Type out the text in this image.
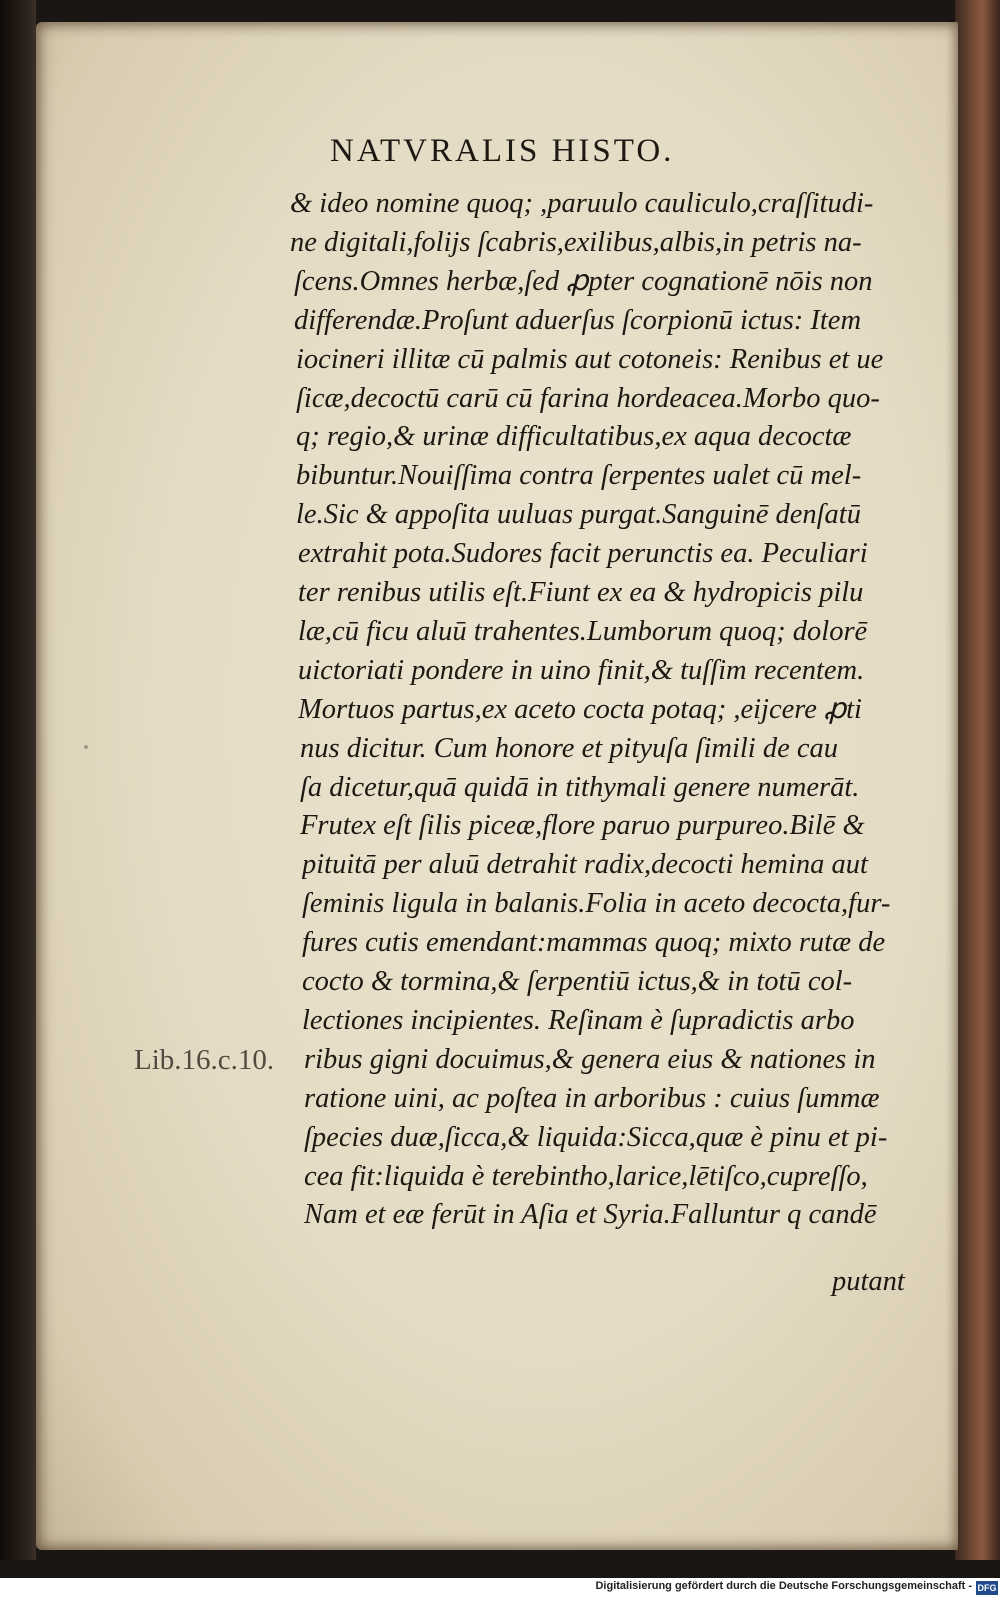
NATVRALIS HISTO.
& ideo nomine quoq; ,paruulo cauliculo,craſſitudi-
ne digitali,folijs ſcabris,exilibus,albis,in petris na-
ſcens.Omnes herbæ,ſed ꝓpter cognationē nōis non
differendæ.Proſunt aduerſus ſcorpionū ictus: Item
iocineri illitæ cū palmis aut cotoneis: Renibus et ue
ſicæ,decoctū carū cū farina hordeacea.Morbo quo-
q; regio,& urinæ difficultatibus,ex aqua decoctæ
bibuntur.Nouiſſima contra ſerpentes ualet cū mel-
le.Sic & appoſita uuluas purgat.Sanguinē denſatū
extrahit pota.Sudores facit perunctis ea. Peculiari
ter renibus utilis eſt.Fiunt ex ea & hydropicis pilu
læ,cū ficu aluū trahentes.Lumborum quoq; dolorē
uictoriati pondere in uino finit,& tuſſim recentem.
Mortuos partus,ex aceto cocta potaq; ,eijcere ꝓti
nus dicitur. Cum honore et pityuſa ſimili de cau
ſa dicetur,quā quidā in tithymali genere numerāt.
Frutex eſt ſilis piceæ,flore paruo purpureo.Bilē &
pituitā per aluū detrahit radix,decocti hemina aut
ſeminis ligula in balanis.Folia in aceto decocta,fur-
fures cutis emendant:mammas quoq; mixto rutæ de
cocto & tormina,& ſerpentiū ictus,& in totū col-
lectiones incipientes. Reſinam è ſupradictis arbo
ribus gigni docuimus,& genera eius & nationes in
ratione uini, ac poſtea in arboribus : cuius ſummæ
ſpecies duæ,ſicca,& liquida:Sicca,quæ è pinu et pi-
cea fit:liquida è terebintho,larice,lētiſco,cupreſſo,
Nam et eæ ferūt in Aſia et Syria.Falluntur q candē
putant
Lib.16.c.10.
Digitalisierung gefördert durch die Deutsche Forschungsgemeinschaft - DFG
